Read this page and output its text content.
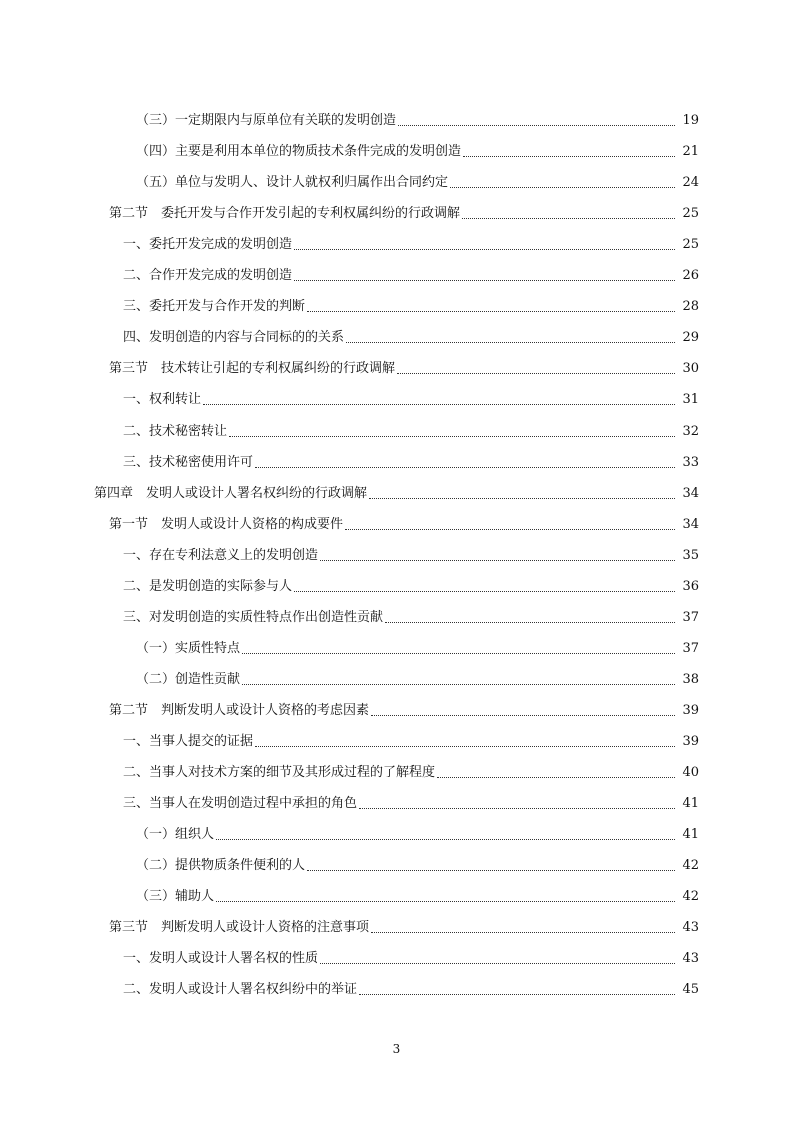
（三）一定期限内与原单位有关联的发明创造	19
（四）主要是利用本单位的物质技术条件完成的发明创造	21
（五）单位与发明人、设计人就权利归属作出合同约定	24
第二节　委托开发与合作开发引起的专利权属纠纷的行政调解	25
一、委托开发完成的发明创造	25
二、合作开发完成的发明创造	26
三、委托开发与合作开发的判断	28
四、发明创造的内容与合同标的的关系	29
第三节　技术转让引起的专利权属纠纷的行政调解	30
一、权利转让	31
二、技术秘密转让	32
三、技术秘密使用许可	33
第四章　发明人或设计人署名权纠纷的行政调解	34
第一节　发明人或设计人资格的构成要件	34
一、存在专利法意义上的发明创造	35
二、是发明创造的实际参与人	36
三、对发明创造的实质性特点作出创造性贡献	37
（一）实质性特点	37
（二）创造性贡献	38
第二节　判断发明人或设计人资格的考虑因素	39
一、当事人提交的证据	39
二、当事人对技术方案的细节及其形成过程的了解程度	40
三、当事人在发明创造过程中承担的角色	41
（一）组织人	41
（二）提供物质条件便利的人	42
（三）辅助人	42
第三节　判断发明人或设计人资格的注意事项	43
一、发明人或设计人署名权的性质	43
二、发明人或设计人署名权纠纷中的举证	45
3
